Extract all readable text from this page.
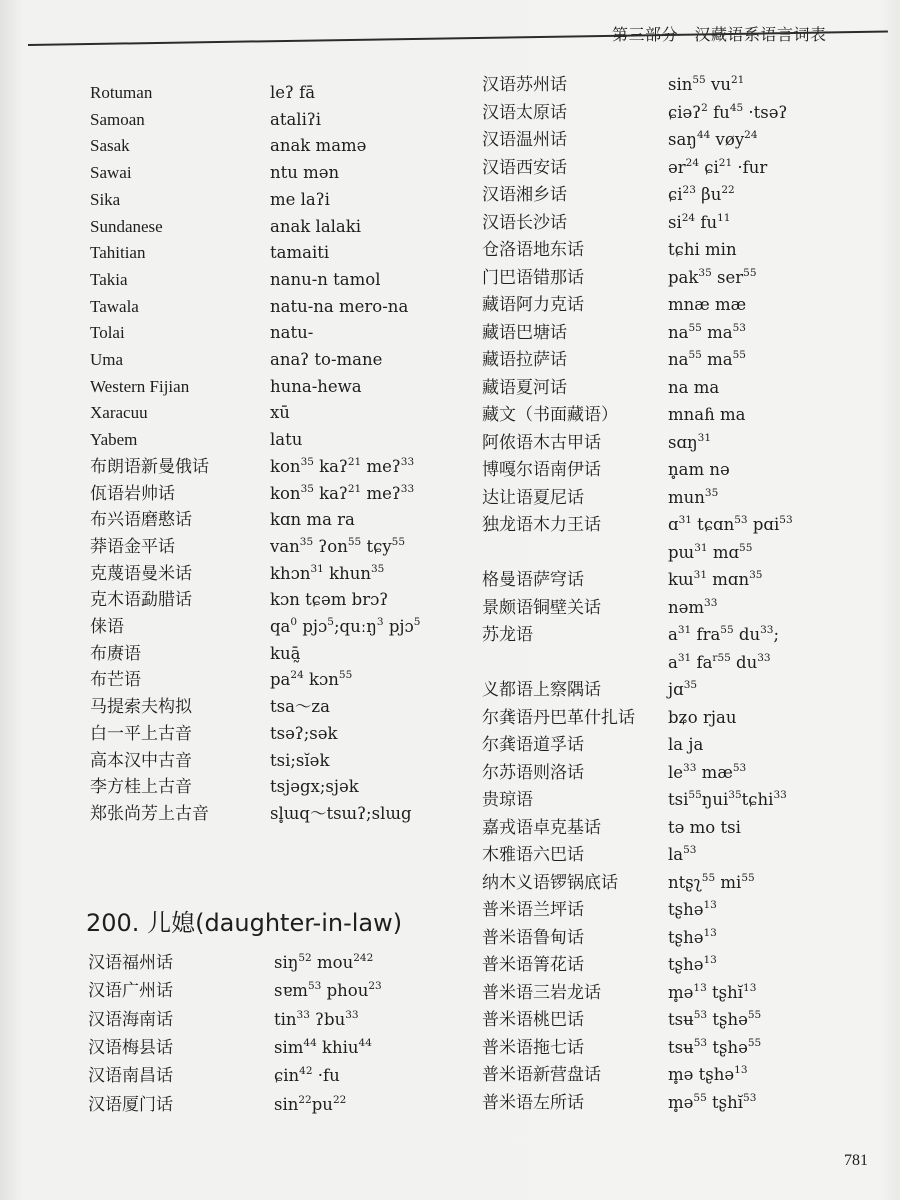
第三部分　汉藏语系语言词表
Rotuman	leʔ fā
Samoan	ataliʔi
Sasak	anak mamə
Sawai	ntu mən
Sika	me laʔi
Sundanese	anak lalaki
Tahitian	tamaiti
Takia	nanu-n tamol
Tawala	natu-na mero-na
Tolai	natu-
Uma	anaʔ to-mane
Western Fijian	huna-hewa
Xaracuu	xū
Yabem	latu
布朗语新曼俄话	kon$^{35}$ kaʔ$^{21}$ meʔ$^{33}$
佤语岩帅话	kon$^{35}$ kaʔ$^{21}$ meʔ$^{33}$
布兴语磨憨话	kɑn ma ra
莽语金平话	van$^{35}$ ʔon$^{55}$ tɕy$^{55}$
克蔑语曼米话	khɔn$^{31}$ khun$^{35}$
克木语勐腊话	kɔn tɕəm brɔʔ
俫语	$qa^0$ pjɔ$^5$;quːŋ$^3$ pjɔ$^5$
布赓语	kuā̰
布芒语	$pa^{24}$ kɔn$^{55}$
马提索夫构拟	tsa～za
白一平上古音	tsəʔ;sək
高本汉中古音	tsi;sĭək
李方桂上古音	tsjəgx;sjək
郑张尚芳上古音	sl̥ɯq～tsɯʔ;slɯg
200. 儿媳(daughter-in-law)
汉语福州话	siŋ$^{52}$ mou$^{242}$
汉语广州话	sɐm$^{53}$ phou$^{23}$
汉语海南话	tin$^{33}$ ʔbu$^{33}$
汉语梅县话	sim$^{44}$ khiu$^{44}$
汉语南昌话	ɕin$^{42}$ ·fu
汉语厦门话	$\sin^{22}pu^{22}$
汉语苏州话	$\sin^{55} vu^{21}$
汉语太原话	ɕiəʔ$^2$ $fu^{45}$ ·tsəʔ
汉语温州话	saŋ$^{44}$ vøy$^{24}$
汉语西安话	ər$^{24}$ ɕi$^{21}$ ·fur
汉语湘乡话	ɕi$^{23}$ $\beta u^{22}$
汉语长沙话	$si^{24}$ $fu^{11}$
仓洛语地东话	tɕhi min
门巴语错那话	pak$^{35}$ ser$^{55}$
藏语阿力克话	mnæ mæ
藏语巴塘话	$na^{55}$ $ma^{53}$
藏语拉萨话	$na^{55}$ $ma^{55}$
藏语夏河话	na ma
藏文（书面藏语）	mnaɦ ma
阿侬语木古甲话	sɑŋ$^{31}$
博嘎尔语南伊话	n̥am nə
达让语夏尼话	mun$^{35}$
独龙语木力王话	ɑ$^{31}$ tɕɑn$^{53}$ pɑi$^{53}$
pɯ$^{31}$ mɑ$^{55}$
格曼语萨穹话	kɯ$^{31}$ mɑn$^{35}$
景颇语铜壁关话	nəm$^{33}$
苏龙语	$a^{31}$ fra$^{55}$ $du^{33}$;
$a^{31}$ $fa^{r55}$ $du^{33}$
义都语上察隅话	jɑ$^{35}$
尔龚语丹巴革什扎话 bʑo rjau
尔龚语道孚话	la ja
尔苏语则洛话	$le^{33}$ $mæ^{53}$
贵琼语	tsi$^{55}$ŋui$^{35}$tɕhi$^{33}$
嘉戎语卓克基话	tə mo tsi
木雅语六巴话	$la^{53}$
纳木义语锣锅底话	ntʂʅ$^{55}$ $mi^{55}$
普米语兰坪话	tʂhə$^{13}$
普米语鲁甸话	tʂhə$^{13}$
普米语箐花话	tʂhə$^{13}$
普米语三岩龙话	m̥ə$^{13}$ tʂhĭ$^{13}$
普米语桃巴话	tsʉ$^{53}$ tʂhə$^{55}$
普米语拖七话	tsʉ$^{53}$ tʂhə$^{55}$
普米语新营盘话	m̥ə tʂhə$^{13}$
普米语左所话	m̥ə$^{55}$ tʂhĭ$^{53}$
781
